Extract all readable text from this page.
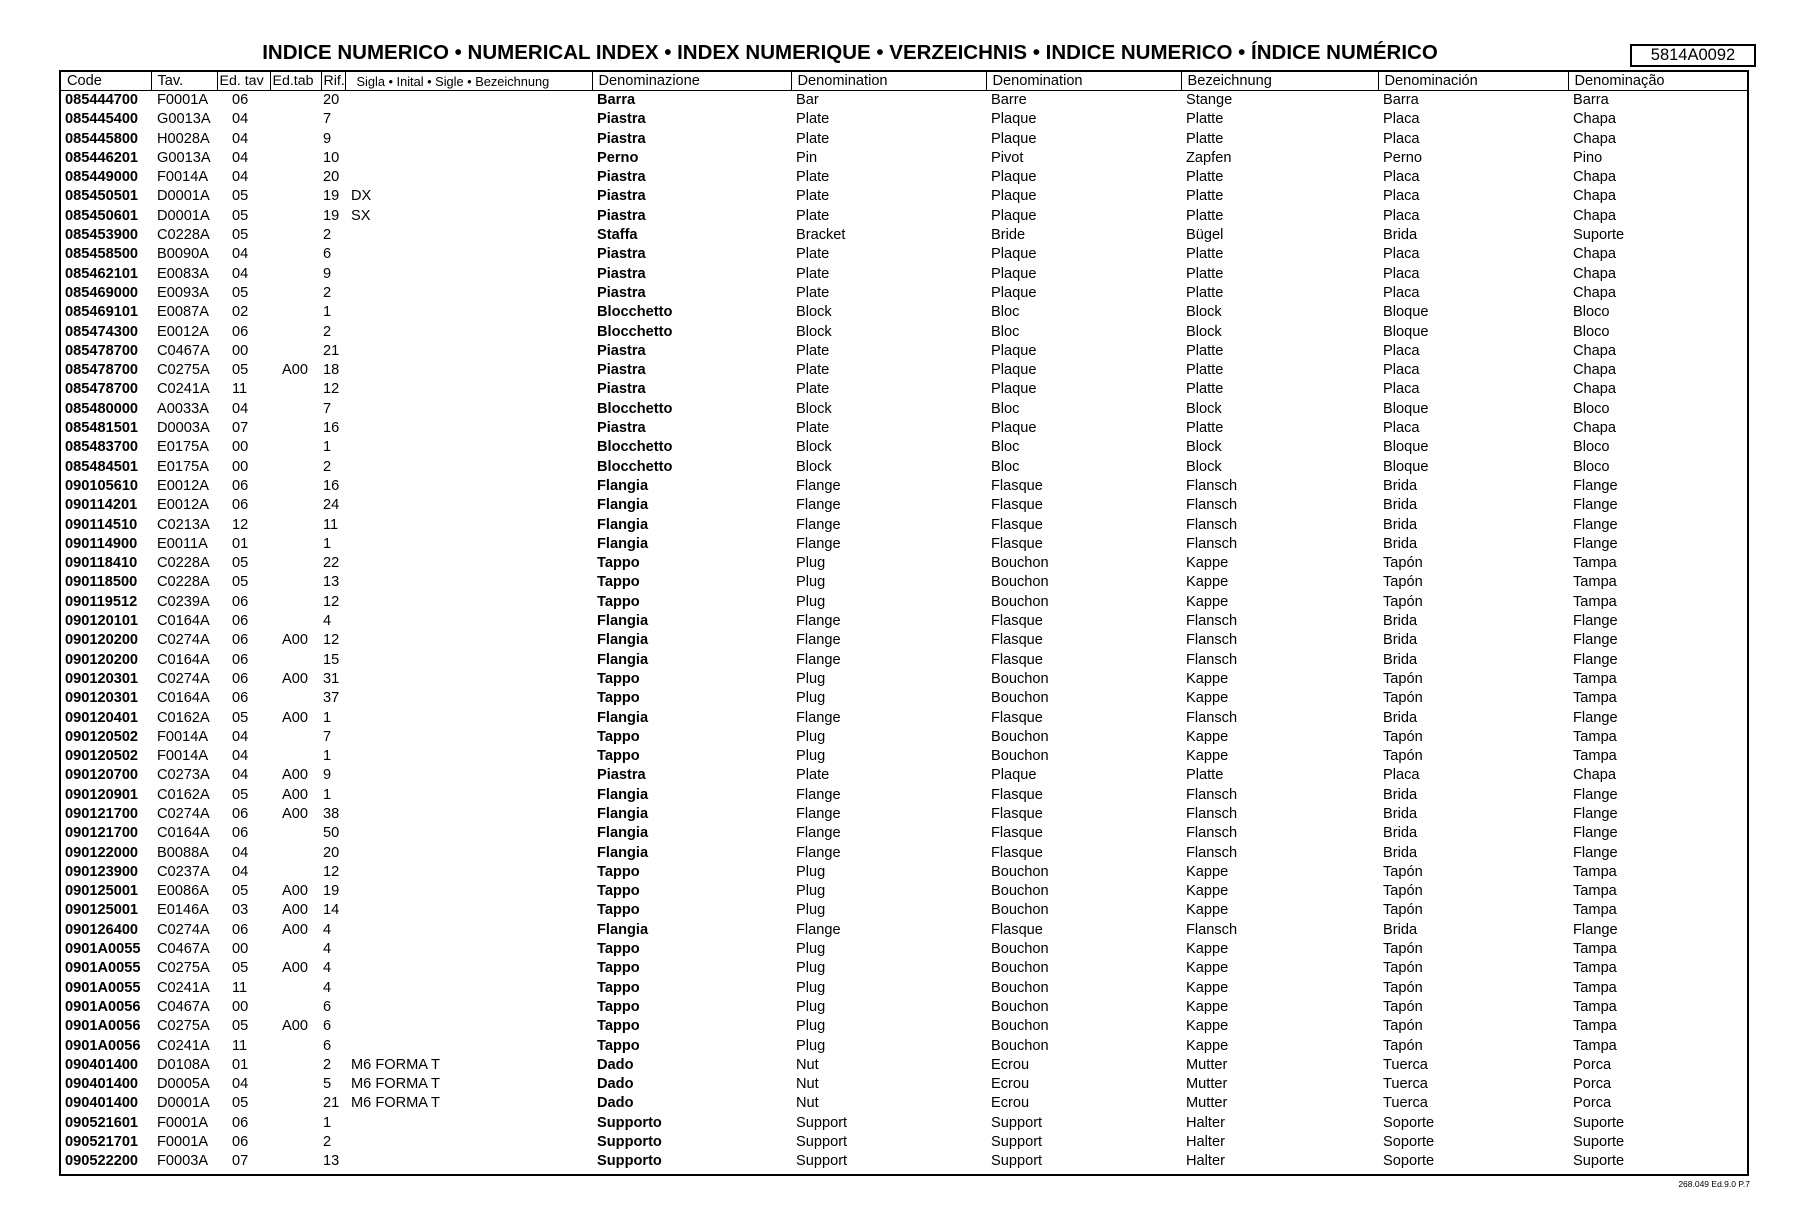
INDICE NUMERICO • NUMERICAL INDEX • INDEX NUMERIQUE • VERZEICHNIS • INDICE NUMERICO • ÍNDICE NUMÉRICO	5814A0092
Code	Tav.	Ed. tav	Ed.tab	Rif.	Sigla • Inital • Sigle • Bezeichnung	Denominazione	Denomination	Denomination	Bezeichnung	Denominación	Denominação
085444700	F0001A	06		20		Barra	Bar	Barre	Stange	Barra	Barra
085445400	G0013A	04		7		Piastra	Plate	Plaque	Platte	Placa	Chapa
085445800	H0028A	04		9		Piastra	Plate	Plaque	Platte	Placa	Chapa
085446201	G0013A	04		10		Perno	Pin	Pivot	Zapfen	Perno	Pino
085449000	F0014A	04		20		Piastra	Plate	Plaque	Platte	Placa	Chapa
085450501	D0001A	05		19	DX	Piastra	Plate	Plaque	Platte	Placa	Chapa
085450601	D0001A	05		19	SX	Piastra	Plate	Plaque	Platte	Placa	Chapa
085453900	C0228A	05		2		Staffa	Bracket	Bride	Bügel	Brida	Suporte
085458500	B0090A	04		6		Piastra	Plate	Plaque	Platte	Placa	Chapa
085462101	E0083A	04		9		Piastra	Plate	Plaque	Platte	Placa	Chapa
085469000	E0093A	05		2		Piastra	Plate	Plaque	Platte	Placa	Chapa
085469101	E0087A	02		1		Blocchetto	Block	Bloc	Block	Bloque	Bloco
085474300	E0012A	06		2		Blocchetto	Block	Bloc	Block	Bloque	Bloco
085478700	C0467A	00		21		Piastra	Plate	Plaque	Platte	Placa	Chapa
085478700	C0275A	05	A00	18		Piastra	Plate	Plaque	Platte	Placa	Chapa
085478700	C0241A	11		12		Piastra	Plate	Plaque	Platte	Placa	Chapa
085480000	A0033A	04		7		Blocchetto	Block	Bloc	Block	Bloque	Bloco
085481501	D0003A	07		16		Piastra	Plate	Plaque	Platte	Placa	Chapa
085483700	E0175A	00		1		Blocchetto	Block	Bloc	Block	Bloque	Bloco
085484501	E0175A	00		2		Blocchetto	Block	Bloc	Block	Bloque	Bloco
090105610	E0012A	06		16		Flangia	Flange	Flasque	Flansch	Brida	Flange
090114201	E0012A	06		24		Flangia	Flange	Flasque	Flansch	Brida	Flange
090114510	C0213A	12		11		Flangia	Flange	Flasque	Flansch	Brida	Flange
090114900	E0011A	01		1		Flangia	Flange	Flasque	Flansch	Brida	Flange
090118410	C0228A	05		22		Tappo	Plug	Bouchon	Kappe	Tapón	Tampa
090118500	C0228A	05		13		Tappo	Plug	Bouchon	Kappe	Tapón	Tampa
090119512	C0239A	06		12		Tappo	Plug	Bouchon	Kappe	Tapón	Tampa
090120101	C0164A	06		4		Flangia	Flange	Flasque	Flansch	Brida	Flange
090120200	C0274A	06	A00	12		Flangia	Flange	Flasque	Flansch	Brida	Flange
090120200	C0164A	06		15		Flangia	Flange	Flasque	Flansch	Brida	Flange
090120301	C0274A	06	A00	31		Tappo	Plug	Bouchon	Kappe	Tapón	Tampa
090120301	C0164A	06		37		Tappo	Plug	Bouchon	Kappe	Tapón	Tampa
090120401	C0162A	05	A00	1		Flangia	Flange	Flasque	Flansch	Brida	Flange
090120502	F0014A	04		7		Tappo	Plug	Bouchon	Kappe	Tapón	Tampa
090120502	F0014A	04		1		Tappo	Plug	Bouchon	Kappe	Tapón	Tampa
090120700	C0273A	04	A00	9		Piastra	Plate	Plaque	Platte	Placa	Chapa
090120901	C0162A	05	A00	1		Flangia	Flange	Flasque	Flansch	Brida	Flange
090121700	C0274A	06	A00	38		Flangia	Flange	Flasque	Flansch	Brida	Flange
090121700	C0164A	06		50		Flangia	Flange	Flasque	Flansch	Brida	Flange
090122000	B0088A	04		20		Flangia	Flange	Flasque	Flansch	Brida	Flange
090123900	C0237A	04		12		Tappo	Plug	Bouchon	Kappe	Tapón	Tampa
090125001	E0086A	05	A00	19		Tappo	Plug	Bouchon	Kappe	Tapón	Tampa
090125001	E0146A	03	A00	14		Tappo	Plug	Bouchon	Kappe	Tapón	Tampa
090126400	C0274A	06	A00	4		Flangia	Flange	Flasque	Flansch	Brida	Flange
0901A0055	C0467A	00		4		Tappo	Plug	Bouchon	Kappe	Tapón	Tampa
0901A0055	C0275A	05	A00	4		Tappo	Plug	Bouchon	Kappe	Tapón	Tampa
0901A0055	C0241A	11		4		Tappo	Plug	Bouchon	Kappe	Tapón	Tampa
0901A0056	C0467A	00		6		Tappo	Plug	Bouchon	Kappe	Tapón	Tampa
0901A0056	C0275A	05	A00	6		Tappo	Plug	Bouchon	Kappe	Tapón	Tampa
0901A0056	C0241A	11		6		Tappo	Plug	Bouchon	Kappe	Tapón	Tampa
090401400	D0108A	01		2	M6 FORMA T	Dado	Nut	Ecrou	Mutter	Tuerca	Porca
090401400	D0005A	04		5	M6 FORMA T	Dado	Nut	Ecrou	Mutter	Tuerca	Porca
090401400	D0001A	05		21	M6 FORMA T	Dado	Nut	Ecrou	Mutter	Tuerca	Porca
090521601	F0001A	06		1		Supporto	Support	Support	Halter	Soporte	Suporte
090521701	F0001A	06		2		Supporto	Support	Support	Halter	Soporte	Suporte
090522200	F0003A	07		13		Supporto	Support	Support	Halter	Soporte	Suporte
268.049 Ed.9.0 P.7
